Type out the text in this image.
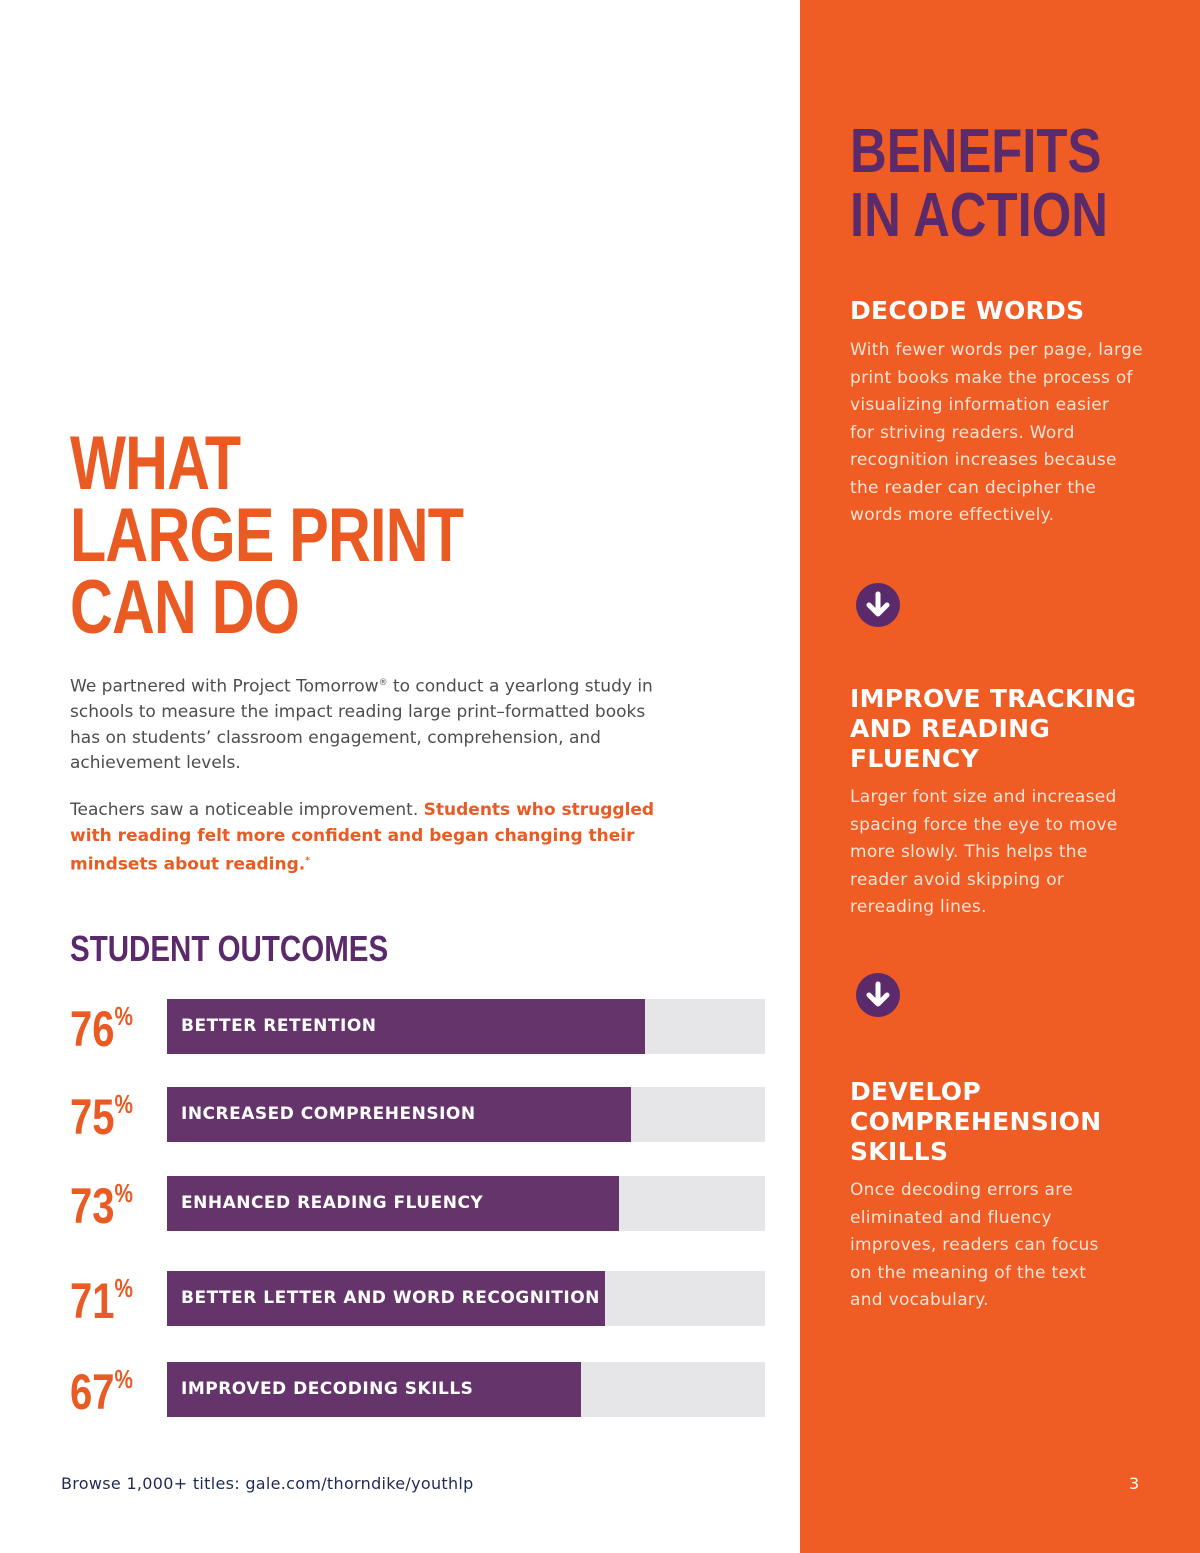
WHAT
LARGE PRINT
CAN DO

We partnered with Project Tomorrow® to conduct a yearlong study in schools to measure the impact reading large print–formatted books has on students’ classroom engagement, comprehension, and achievement levels.

Teachers saw a noticeable improvement. Students who struggled with reading felt more confident and began changing their mindsets about reading.*

STUDENT OUTCOMES
76%	BETTER RETENTION
75%	INCREASED COMPREHENSION
73%	ENHANCED READING FLUENCY
71%	BETTER LETTER AND WORD RECOGNITION
67%	IMPROVED DECODING SKILLS
Browse 1,000+ titles: gale.com/thorndike/youthlp
BENEFITS
IN ACTION
DECODE WORDS

With fewer words per page, large
print books make the process of
visualizing information easier
for striving readers. Word
recognition increases because
the reader can decipher the
words more effectively.

IMPROVE TRACKING
AND READING
FLUENCY

Larger font size and increased
spacing force the eye to move
more slowly. This helps the
reader avoid skipping or
rereading lines.

DEVELOP
COMPREHENSION
SKILLS

Once decoding errors are
eliminated and fluency
improves, readers can focus
on the meaning of the text
and vocabulary.

3
